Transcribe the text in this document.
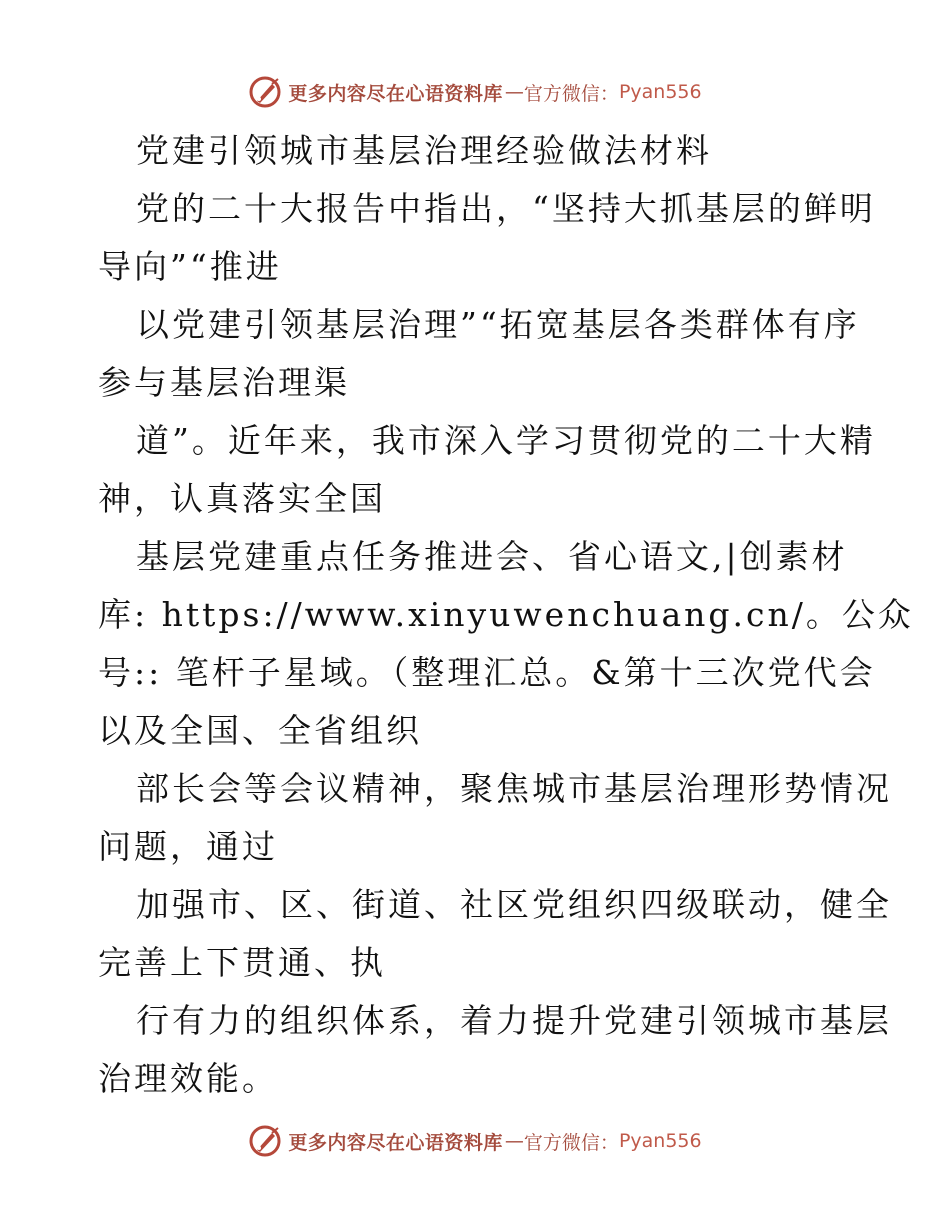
更多内容尽在心语资料库 — 官方微信： Pyan556
党建引领城市基层治理经验做法材料
党的二十大报告中指出，“坚持大抓基层的鲜明
导向”“推进
以党建引领基层治理”“拓宽基层各类群体有序
参与基层治理渠
道”。近年来，我市深入学习贯彻党的二十大精
神，认真落实全国
基层党建重点任务推进会、省心语文,|创素材
库: https://www.xinyuwenchuang.cn/。公众
号:: 笔杆子星域。（整理汇总。&第十三次党代会
以及全国、全省组织
部长会等会议精神，聚焦城市基层治理形势情况
问题，通过
加强市、区、街道、社区党组织四级联动，健全
完善上下贯通、执
行有力的组织体系，着力提升党建引领城市基层
治理效能。
更多内容尽在心语资料库 — 官方微信： Pyan556
